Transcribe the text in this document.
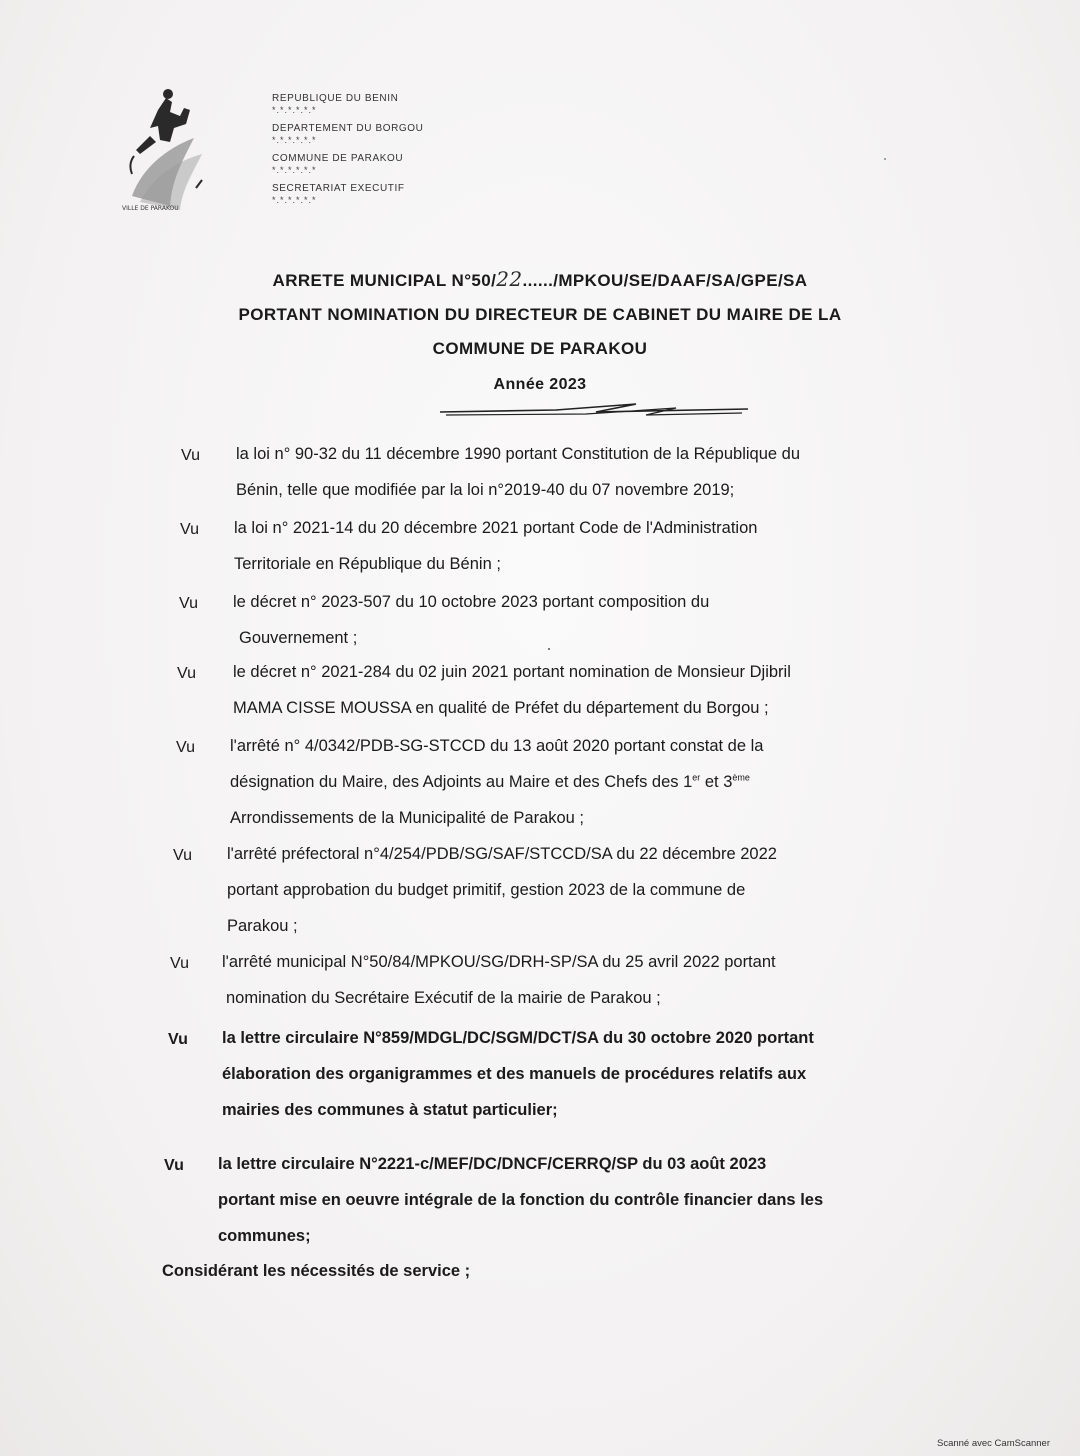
VILLE DE PARAKOU
REPUBLIQUE DU BENIN
*.*.*.*.*.*
DEPARTEMENT DU BORGOU
*.*.*.*.*.*
COMMUNE DE PARAKOU
*.*.*.*.*.*
SECRETARIAT EXECUTIF
*.*.*.*.*.*
ARRETE MUNICIPAL N°50/22....../MPKOU/SE/DAAF/SA/GPE/SA
PORTANT NOMINATION DU DIRECTEUR DE CABINET DU MAIRE DE LA
COMMUNE DE PARAKOU
Année 2023
Vu	la loi n° 90-32 du 11 décembre 1990 portant Constitution de la République du
Bénin, telle que modifiée par la loi n°2019-40 du 07 novembre 2019;
Vu	la loi n° 2021-14 du 20 décembre 2021 portant Code de l'Administration
Territoriale en République du Bénin ;
Vu	le décret n° 2023-507 du 10 octobre 2023 portant composition du
Gouvernement ;
Vu	le décret n° 2021-284 du 02 juin 2021 portant nomination de Monsieur Djibril
MAMA CISSE MOUSSA en qualité de Préfet du département du Borgou ;
Vu	l'arrêté n° 4/0342/PDB-SG-STCCD du 13 août 2020 portant constat de la
désignation du Maire, des Adjoints au Maire et des Chefs des 1er et 3ème
Arrondissements de la Municipalité de Parakou ;
Vu	l'arrêté préfectoral n°4/254/PDB/SG/SAF/STCCD/SA du 22 décembre 2022
portant approbation du budget primitif, gestion 2023 de la commune de
Parakou ;
Vu	l'arrêté municipal N°50/84/MPKOU/SG/DRH-SP/SA du 25 avril 2022 portant
nomination du Secrétaire Exécutif de la mairie de Parakou ;
Vu	la lettre circulaire N°859/MDGL/DC/SGM/DCT/SA du 30 octobre 2020 portant
élaboration des organigrammes et des manuels de procédures relatifs aux
mairies des communes à statut particulier;
Vu	la lettre circulaire N°2221-c/MEF/DC/DNCF/CERRQ/SP du 03 août 2023
portant mise en oeuvre intégrale de la fonction du contrôle financier dans les
communes;
Considérant les nécessités de service ;
Scanné avec CamScanner
